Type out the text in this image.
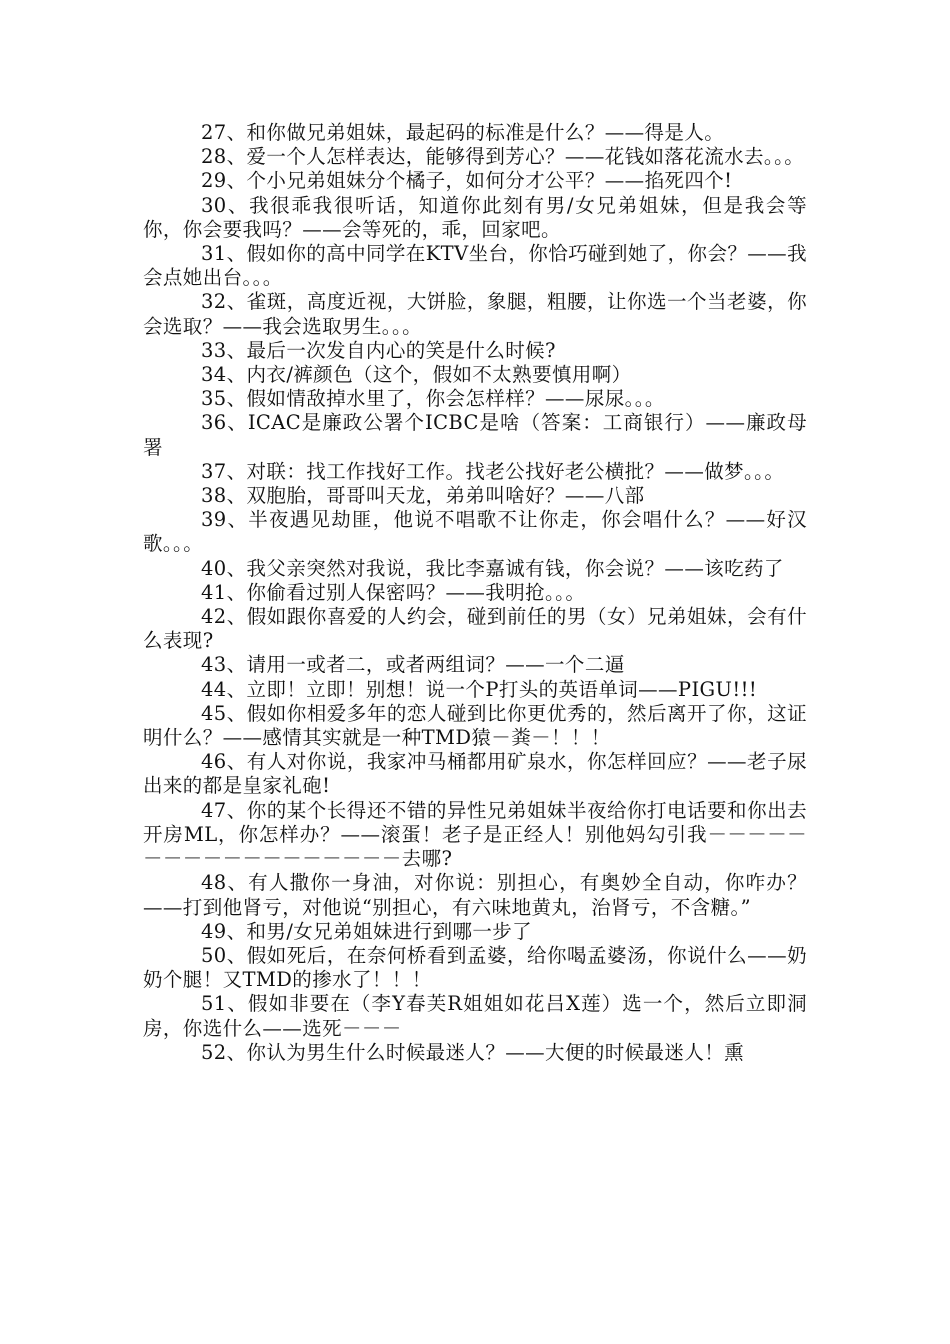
27、和你做兄弟姐妹，最起码的标准是什么？——得是人。

28、爱一个人怎样表达，能够得到芳心？——花钱如落花流水去。。。

29、个小兄弟姐妹分个橘子，如何分才公平？——掐死四个!

30、我很乖我很听话，知道你此刻有男/女兄弟姐妹，但是我会等你，你会要我吗？——会等死的，乖，回家吧。

31、假如你的高中同学在KTV坐台，你恰巧碰到她了，你会？——我会点她出台。。。

32、雀斑，高度近视，大饼脸，象腿，粗腰，让你选一个当老婆，你会选取？——我会选取男生。。。

33、最后一次发自内心的笑是什么时候?

34、内衣/裤颜色（这个，假如不太熟要慎用啊）

35、假如情敌掉水里了，你会怎样样？——尿尿。。。

36、ICAC是廉政公署个ICBC是啥（答案：工商银行）——廉政母署

37、对联：找工作找好工作。找老公找好老公横批？——做梦。。。

38、双胞胎，哥哥叫天龙，弟弟叫啥好？——八部

39、半夜遇见劫匪，他说不唱歌不让你走，你会唱什么？——好汉歌。。。

40、我父亲突然对我说，我比李嘉诚有钱，你会说？——该吃药了

41、你偷看过别人保密吗？——我明抢。。。

42、假如跟你喜爱的人约会，碰到前任的男（女）兄弟姐妹，会有什么表现?

43、请用一或者二，或者两组词？——一个二逼

44、立即！立即！别想！说一个P打头的英语单词——PIGU!!!

45、假如你相爱多年的恋人碰到比你更优秀的，然后离开了你，这证明什么？——感情其实就是一种TMD猿－粪－！！！

46、有人对你说，我家冲马桶都用矿泉水，你怎样回应？——老子尿出来的都是皇家礼砲!

47、你的某个长得还不错的异性兄弟姐妹半夜给你打电话要和你出去开房ML，你怎样办？——滚蛋！老子是正经人！别他妈勾引我－－－－－－－－－－－－－－－－－－去哪?

48、有人撒你一身油，对你说：别担心，有奥妙全自动，你咋办？——打到他肾亏，对他说“别担心，有六味地黄丸，治肾亏，不含糖。”

49、和男/女兄弟姐妹进行到哪一步了

50、假如死后，在奈何桥看到孟婆，给你喝孟婆汤，你说什么——奶奶个腿！又TMD的掺水了！！！

51、假如非要在（李Y春芙R姐姐如花吕X莲）选一个，然后立即洞房，你选什么——选死－－－

52、你认为男生什么时候最迷人？——大便的时候最迷人！熏
